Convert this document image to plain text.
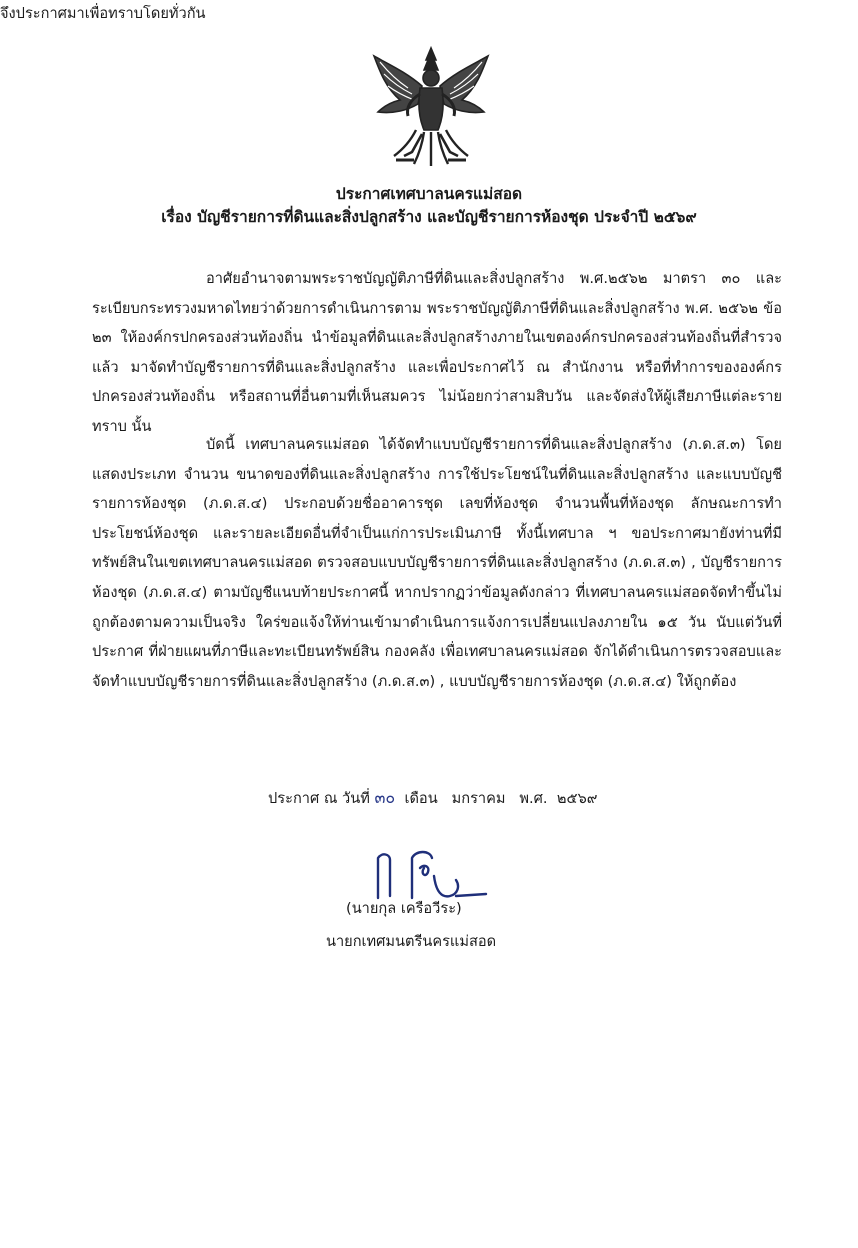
ประกาศเทศบาลนครแม่สอด
เรื่อง บัญชีรายการที่ดินและสิ่งปลูกสร้าง และบัญชีรายการห้องชุด ประจำปี ๒๕๖๙

อาศัยอำนาจตามพระราชบัญญัติภาษีที่ดินและสิ่งปลูกสร้าง พ.ศ.๒๕๖๒ มาตรา ๓๐ และ ระเบียบกระทรวงมหาดไทยว่าด้วยการดำเนินการตาม พระราชบัญญัติภาษีที่ดินและสิ่งปลูกสร้าง พ.ศ. ๒๕๖๒ ข้อ ๒๓ ให้องค์กรปกครองส่วนท้องถิ่น นำข้อมูลที่ดินและสิ่งปลูกสร้างภายในเขตองค์กรปกครองส่วนท้องถิ่นที่สำรวจแล้ว มาจัดทำบัญชีรายการที่ดินและสิ่งปลูกสร้าง และเพื่อประกาศไว้ ณ สำนักงาน หรือที่ทำการขององค์กรปกครองส่วนท้องถิ่น หรือสถานที่อื่นตามที่เห็นสมควร ไม่น้อยกว่าสามสิบวัน และจัดส่งให้ผู้เสียภาษีแต่ละรายทราบ นั้น

บัดนี้ เทศบาลนครแม่สอด ได้จัดทำแบบบัญชีรายการที่ดินและสิ่งปลูกสร้าง (ภ.ด.ส.๓) โดยแสดงประเภท จำนวน ขนาดของที่ดินและสิ่งปลูกสร้าง การใช้ประโยชน์ในที่ดินและสิ่งปลูกสร้าง และแบบบัญชีรายการห้องชุด (ภ.ด.ส.๔) ประกอบด้วยชื่ออาคารชุด เลขที่ห้องชุด จำนวนพื้นที่ห้องชุด ลักษณะการทำประโยชน์ห้องชุด และรายละเอียดอื่นที่จำเป็นแก่การประเมินภาษี ทั้งนี้เทศบาล ฯ ขอประกาศมายังท่านที่มีทรัพย์สินในเขตเทศบาลนครแม่สอด ตรวจสอบแบบบัญชีรายการที่ดินและสิ่งปลูกสร้าง (ภ.ด.ส.๓) , บัญชีรายการห้องชุด (ภ.ด.ส.๔) ตามบัญชีแนบท้ายประกาศนี้ หากปรากฏว่าข้อมูลดังกล่าว ที่เทศบาลนครแม่สอดจัดทำขึ้นไม่ถูกต้องตามความเป็นจริง ใคร่ขอแจ้งให้ท่านเข้ามาดำเนินการแจ้งการเปลี่ยนแปลงภายใน ๑๕ วัน นับแต่วันที่ประกาศ ที่ฝ่ายแผนที่ภาษีและทะเบียนทรัพย์สิน กองคลัง เพื่อเทศบาลนครแม่สอด จักได้ดำเนินการตรวจสอบและจัดทำแบบบัญชีรายการที่ดินและสิ่งปลูกสร้าง (ภ.ด.ส.๓) , แบบบัญชีรายการห้องชุด (ภ.ด.ส.๔) ให้ถูกต้อง

จึงประกาศมาเพื่อทราบโดยทั่วกัน

ประกาศ ณ วันที่ ๓๐ เดือน มกราคม พ.ศ. ๒๕๖๙
(นายกุล เครือวีระ)
นายกเทศมนตรีนครแม่สอด
